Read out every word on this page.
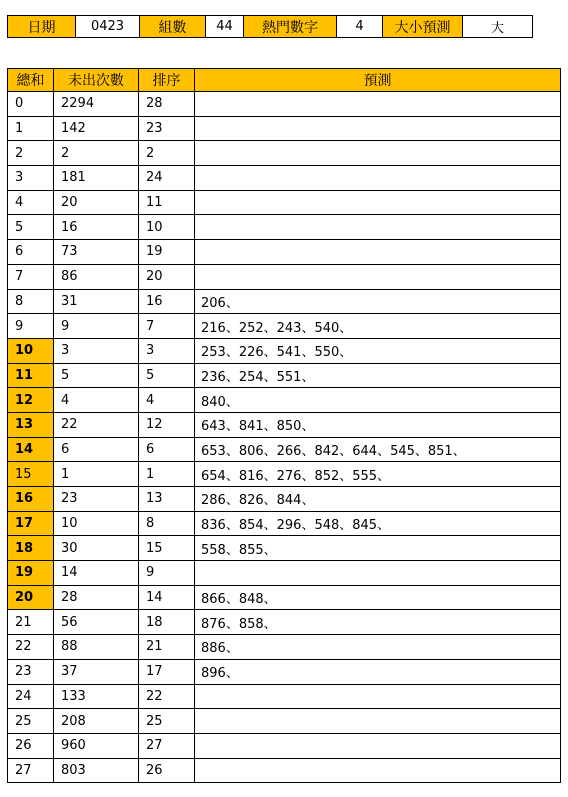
日期	0423	組數	44	熱門數字	4	大小預測	大
總和	未出次數	排序	預測
0	2294	28	
1	142	23	
2	2	2	
3	181	24	
4	20	11	
5	16	10	
6	73	19	
7	86	20	
8	31	16	206、
9	9	7	216、252、243、540、
10	3	3	253、226、541、550、
11	5	5	236、254、551、
12	4	4	840、
13	22	12	643、841、850、
14	6	6	653、806、266、842、644、545、851、
15	1	1	654、816、276、852、555、
16	23	13	286、826、844、
17	10	8	836、854、296、548、845、
18	30	15	558、855、
19	14	9	
20	28	14	866、848、
21	56	18	876、858、
22	88	21	886、
23	37	17	896、
24	133	22	
25	208	25	
26	960	27	
27	803	26	
